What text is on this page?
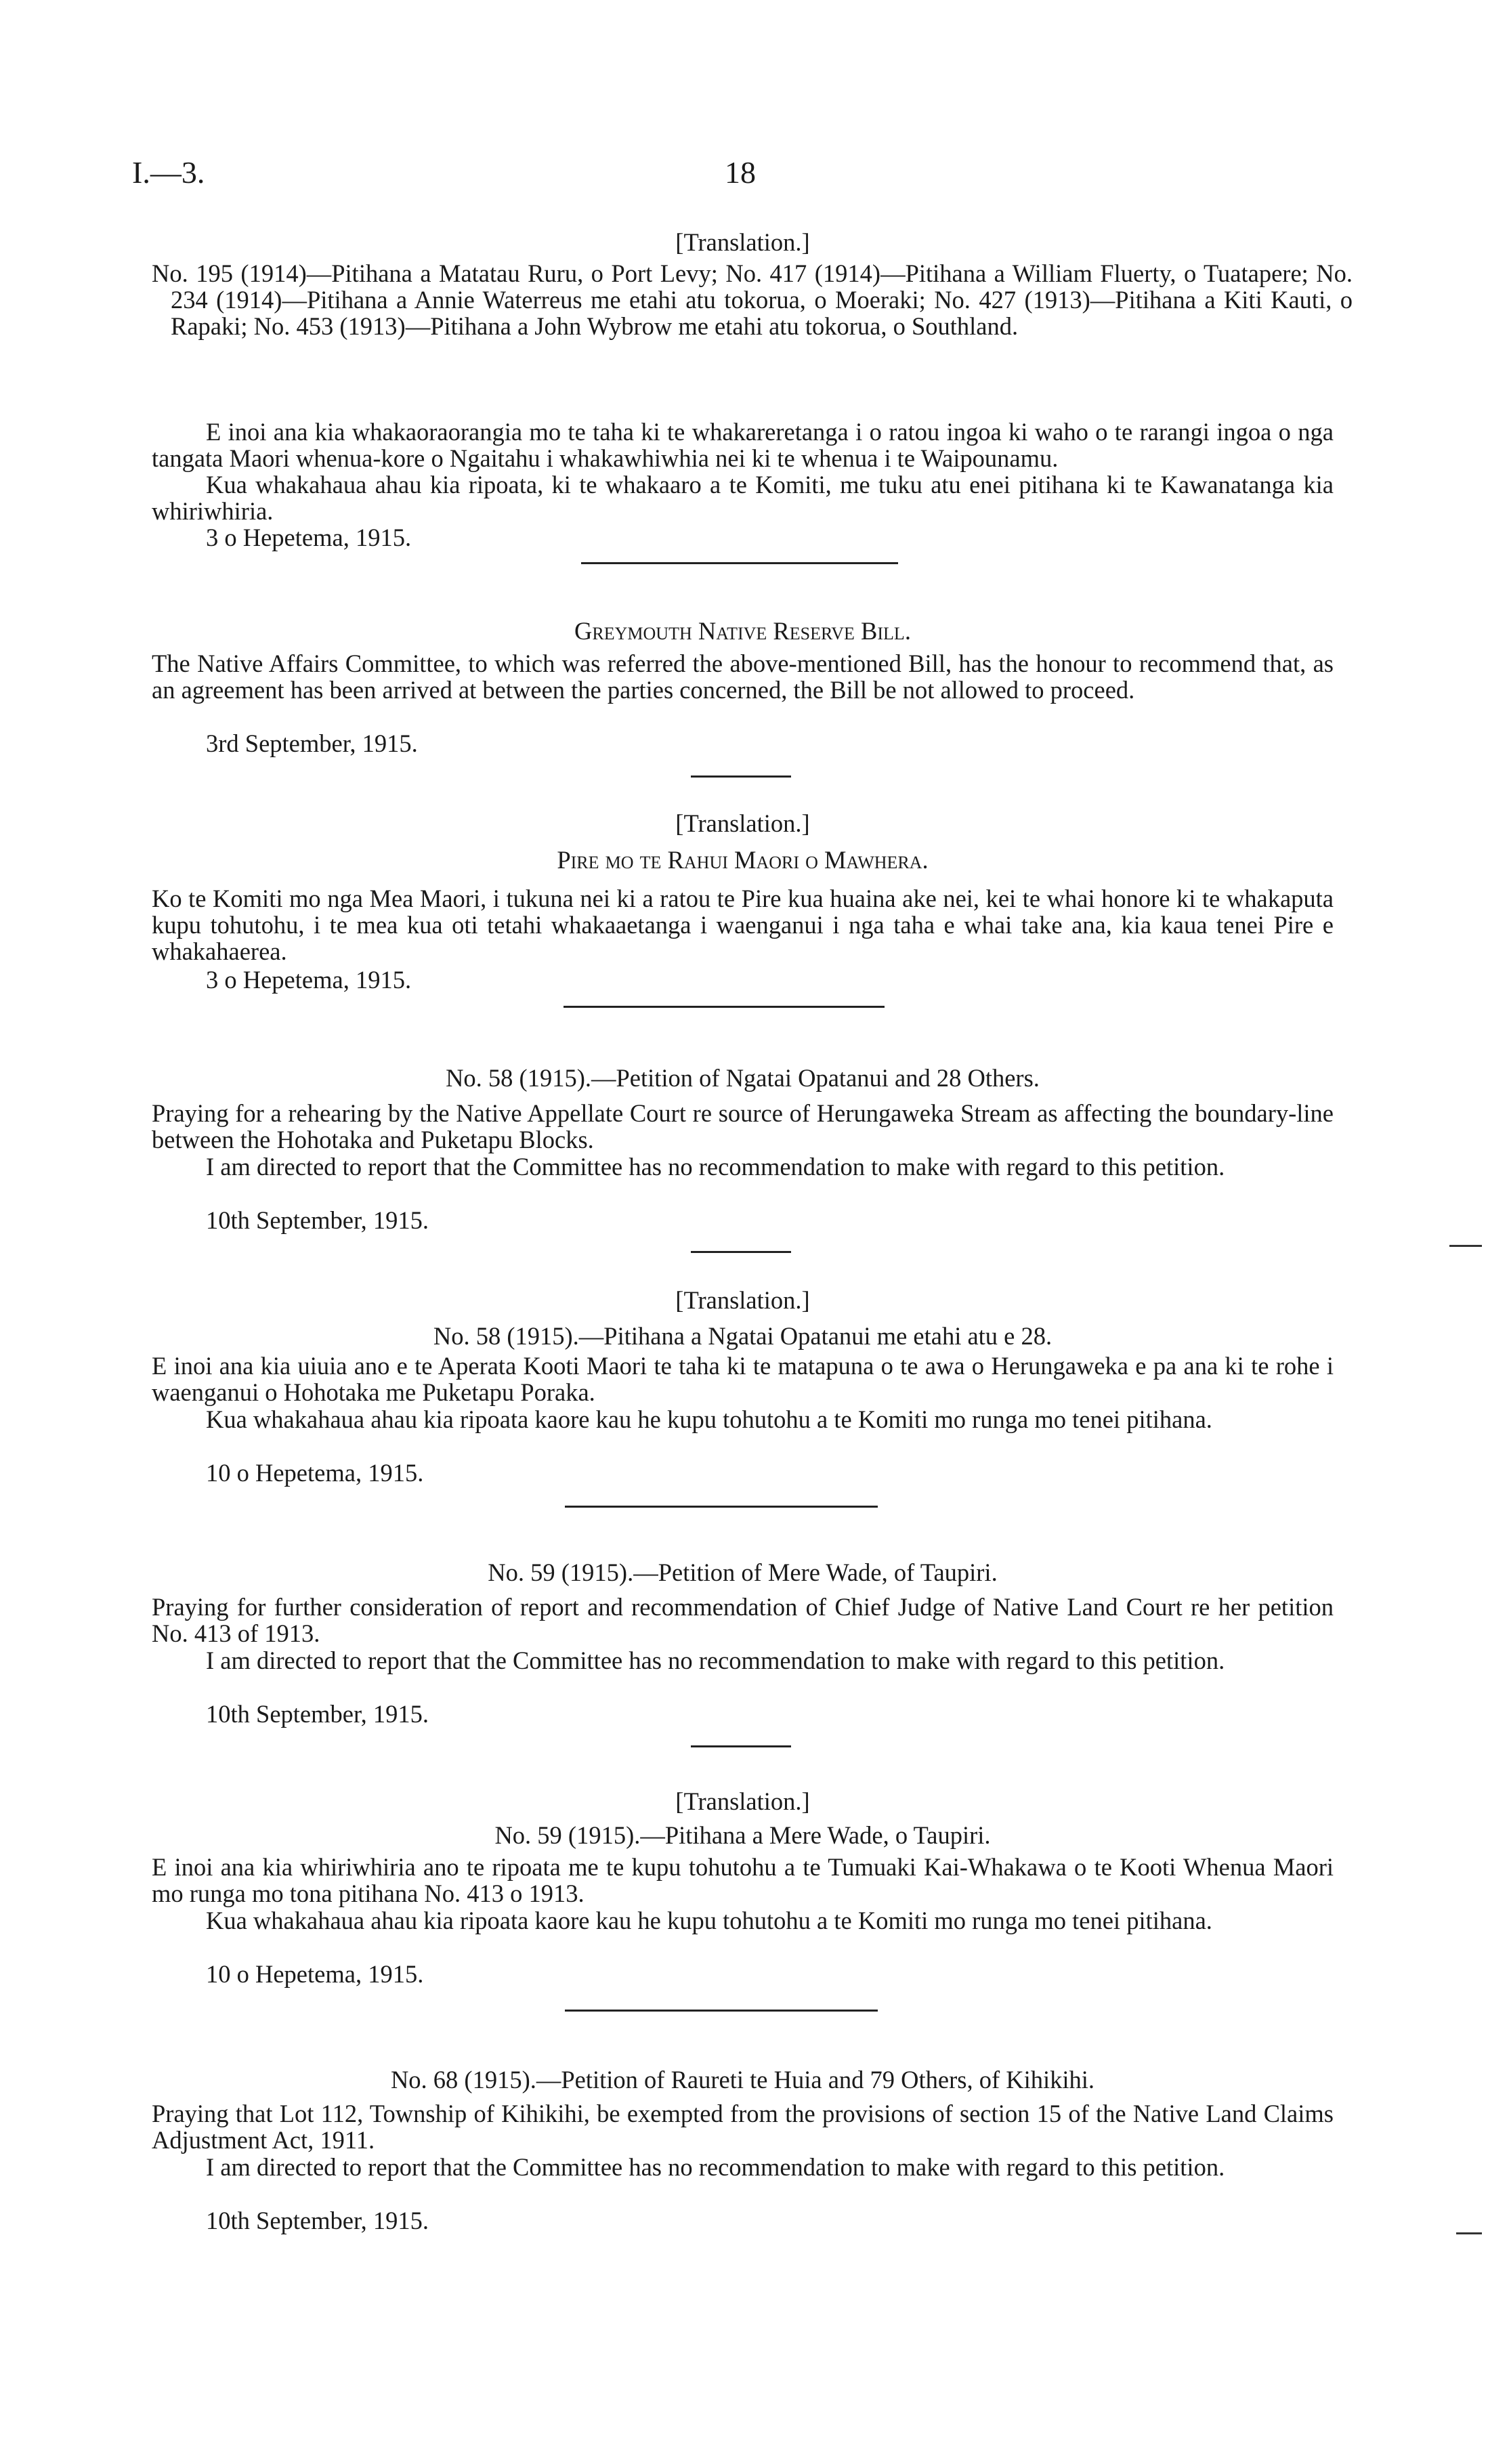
I.—3.	18
[Translation.]
No. 195 (1914)—Pitihana a Matatau Ruru, o Port Levy; No. 417 (1914)—Pitihana a William Fluerty, o Tuatapere; No. 234 (1914)—Pitihana a Annie Waterreus me etahi atu tokorua, o Moeraki; No. 427 (1913)—Pitihana a Kiti Kauti, o Rapaki; No. 453 (1913)—Pitihana a John Wybrow me etahi atu tokorua, o Southland.
E inoi ana kia whakaoraorangia mo te taha ki te whakareretanga i o ratou ingoa ki waho o te rarangi ingoa o nga tangata Maori whenua-kore o Ngaitahu i whakawhiwhia nei ki te whenua i te Waipounamu.
Kua whakahaua ahau kia ripoata, ki te whakaaro a te Komiti, me tuku atu enei pitihana ki te Kawanatanga kia whiriwhiria.
3 o Hepetema, 1915.
Greymouth Native Reserve Bill.
The Native Affairs Committee, to which was referred the above-mentioned Bill, has the honour to recommend that, as an agreement has been arrived at between the parties concerned, the Bill be not allowed to proceed.
3rd September, 1915.
[Translation.]
Pire mo te Rahui Maori o Mawhera.
Ko te Komiti mo nga Mea Maori, i tukuna nei ki a ratou te Pire kua huaina ake nei, kei te whai honore ki te whakaputa kupu tohutohu, i te mea kua oti tetahi whakaaetanga i waenganui i nga taha e whai take ana, kia kaua tenei Pire e whakahaerea.
3 o Hepetema, 1915.
No. 58 (1915).—Petition of Ngatai Opatanui and 28 Others.
Praying for a rehearing by the Native Appellate Court re source of Herungaweka Stream as affecting the boundary-line between the Hohotaka and Puketapu Blocks.
I am directed to report that the Committee has no recommendation to make with regard to this petition.
10th September, 1915.
[Translation.]
No. 58 (1915).—Pitihana a Ngatai Opatanui me etahi atu e 28.
E inoi ana kia uiuia ano e te Aperata Kooti Maori te taha ki te matapuna o te awa o Herungaweka e pa ana ki te rohe i waenganui o Hohotaka me Puketapu Poraka.
Kua whakahaua ahau kia ripoata kaore kau he kupu tohutohu a te Komiti mo runga mo tenei pitihana.
10 o Hepetema, 1915.
No. 59 (1915).—Petition of Mere Wade, of Taupiri.
Praying for further consideration of report and recommendation of Chief Judge of Native Land Court re her petition No. 413 of 1913.
I am directed to report that the Committee has no recommendation to make with regard to this petition.
10th September, 1915.
[Translation.]
No. 59 (1915).—Pitihana a Mere Wade, o Taupiri.
E inoi ana kia whiriwhiria ano te ripoata me te kupu tohutohu a te Tumuaki Kai-Whakawa o te Kooti Whenua Maori mo runga mo tona pitihana No. 413 o 1913.
Kua whakahaua ahau kia ripoata kaore kau he kupu tohutohu a te Komiti mo runga mo tenei pitihana.
10 o Hepetema, 1915.
No. 68 (1915).—Petition of Raureti te Huia and 79 Others, of Kihikihi.
Praying that Lot 112, Township of Kihikihi, be exempted from the provisions of section 15 of the Native Land Claims Adjustment Act, 1911.
I am directed to report that the Committee has no recommendation to make with regard to this petition.
10th September, 1915.
